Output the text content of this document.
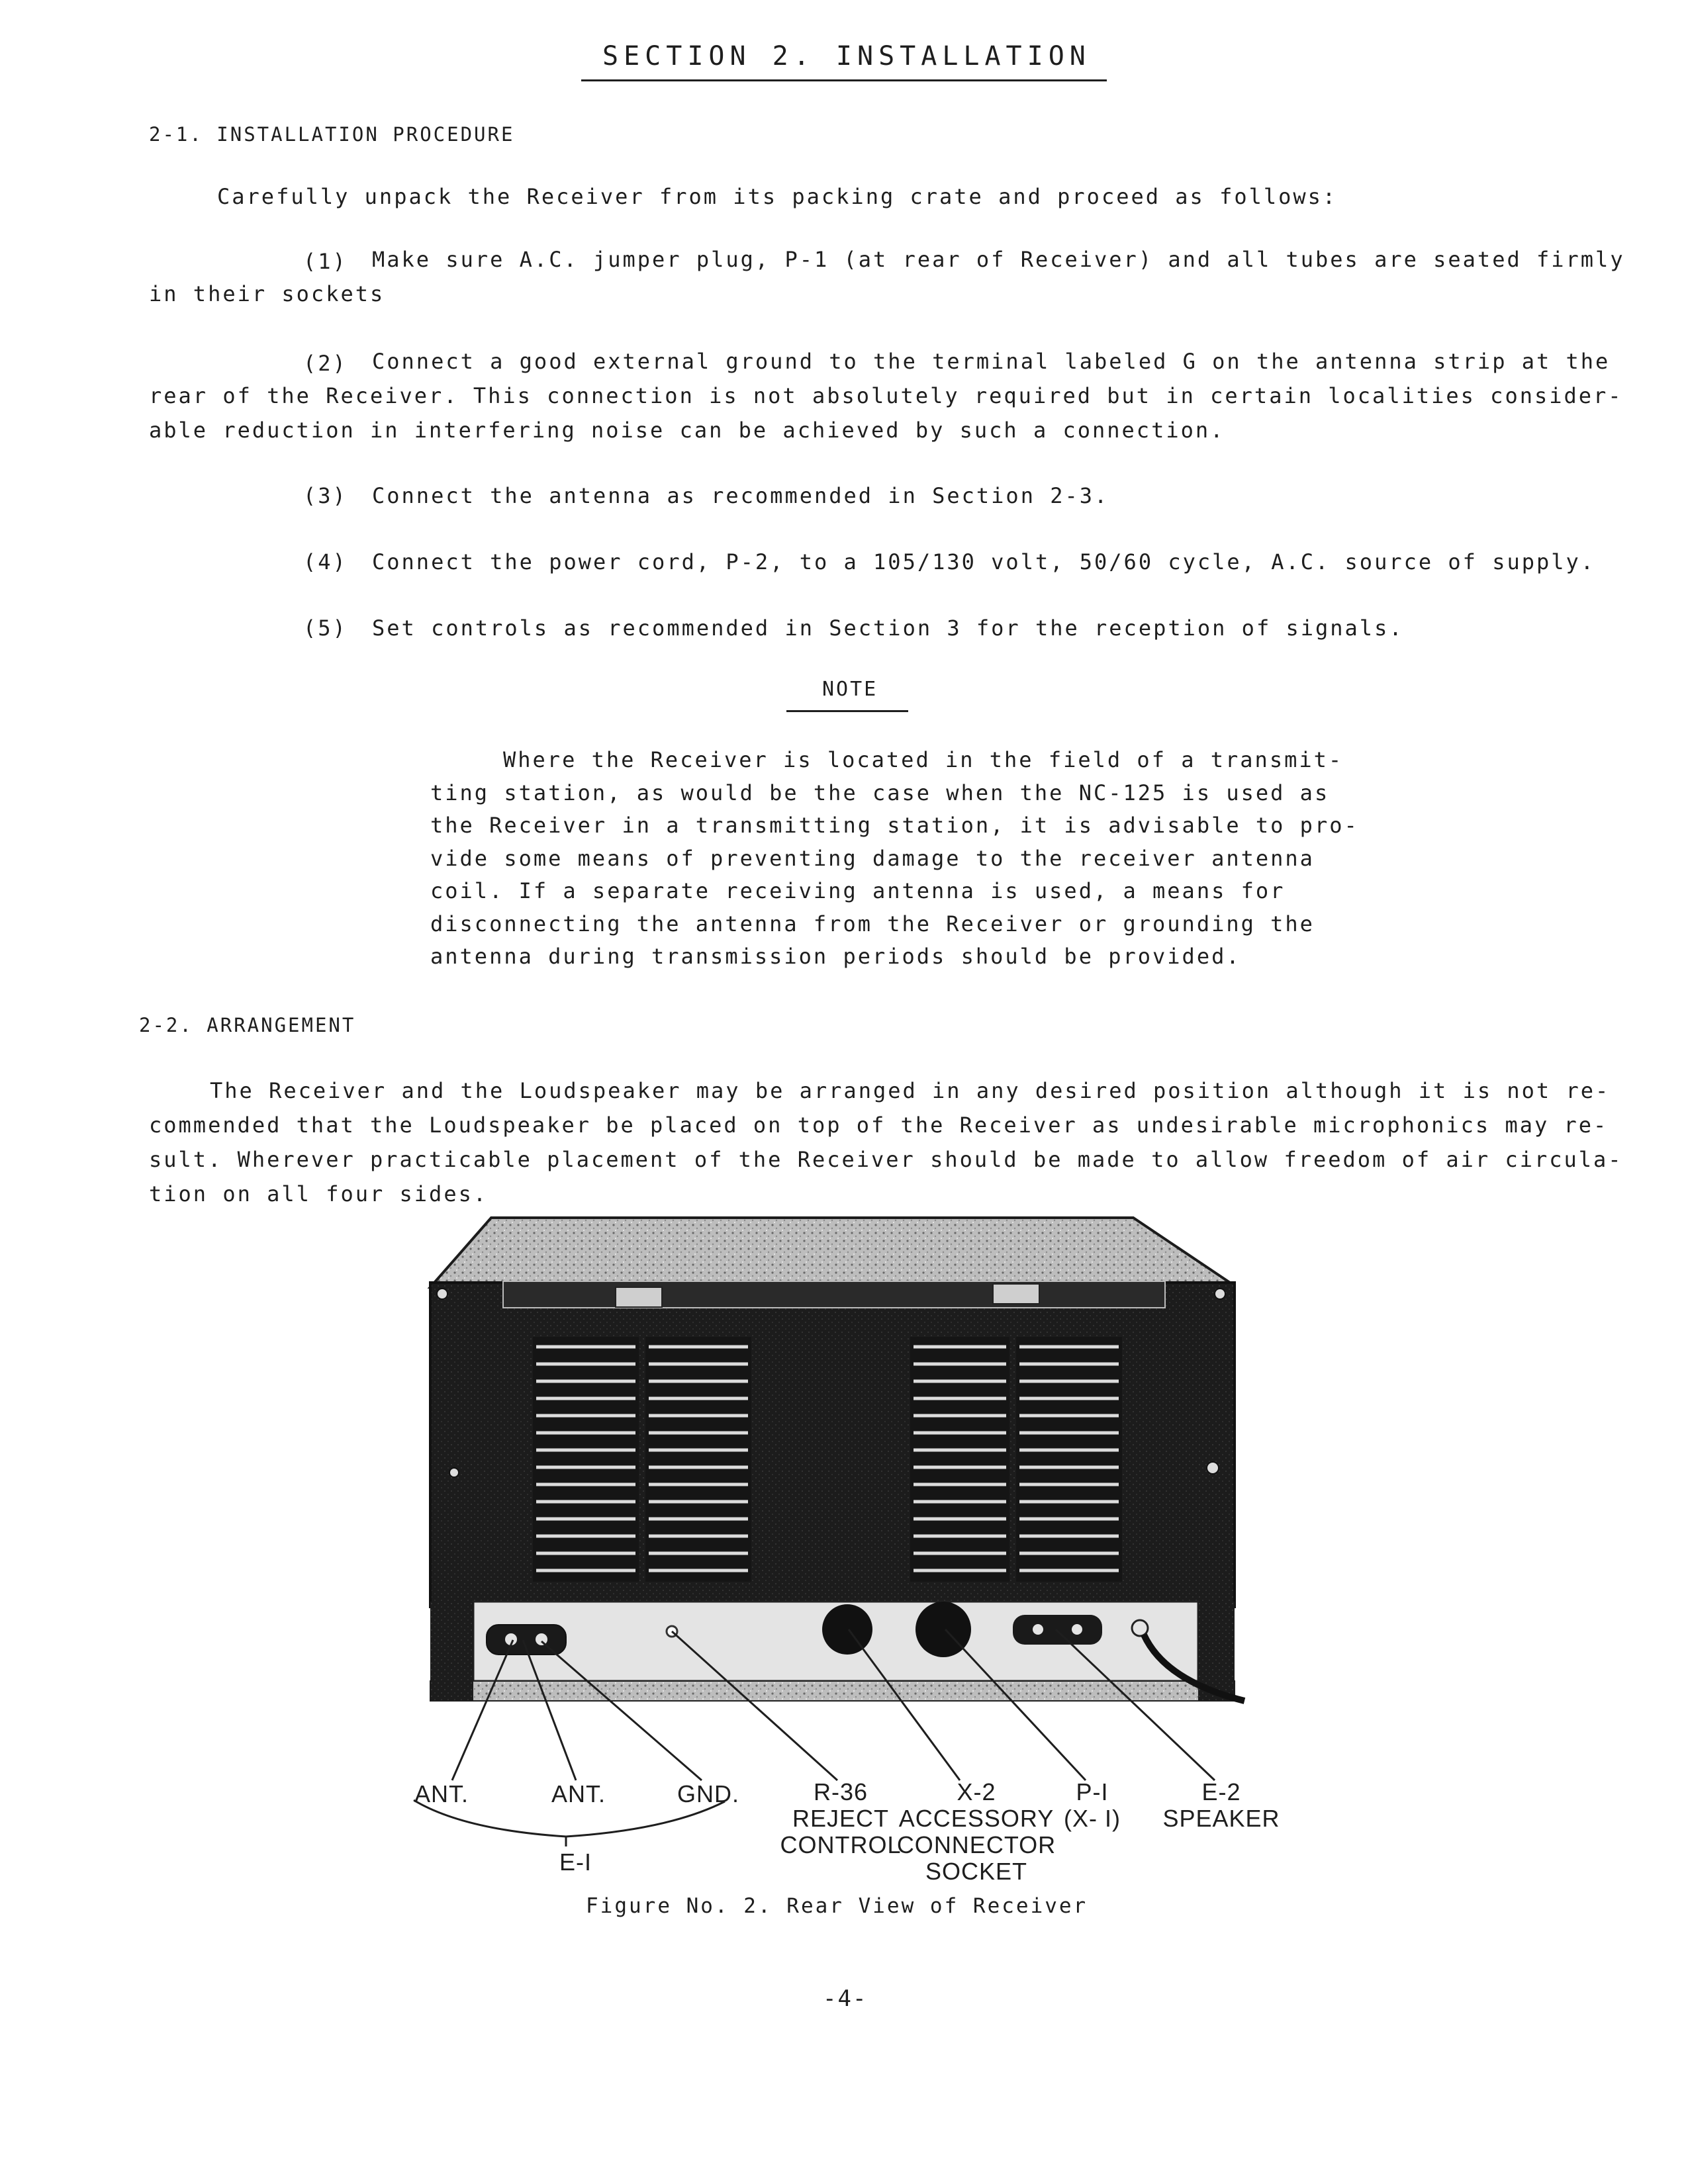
SECTION 2. INSTALLATION
2-1. INSTALLATION PROCEDURE
Carefully unpack the Receiver from its packing crate and proceed as follows:
(1)	Make sure A.C. jumper plug, P-1 (at rear of Receiver) and all tubes are seated firmly
in their sockets
(2)	Connect a good external ground to the terminal labeled G on the antenna strip at the
rear of the Receiver. This connection is not absolutely required but in certain localities consider-
able reduction in interfering noise can be achieved by such a connection.
(3) Connect the antenna as recommended in Section 2-3.
(4) Connect the power cord, P-2, to a 105/130 volt, 50/60 cycle, A.C. source of supply.
(5) Set controls as recommended in Section 3 for the reception of signals.
NOTE
Where the Receiver is located in the field of a transmit-
ting station, as would be the case when the NC-125 is used as
the Receiver in a transmitting station, it is advisable to pro-
vide some means of preventing damage to the receiver antenna
coil. If a separate receiving antenna is used, a means for
disconnecting the antenna from the Receiver or grounding the
antenna during transmission periods should be provided.
2-2. ARRANGEMENT
The Receiver and the Loudspeaker may be arranged in any desired position although it is not re-
commended that the Loudspeaker be placed on top of the Receiver as undesirable microphonics may re-
sult. Wherever practicable placement of the Receiver should be made to allow freedom of air circula-
tion on all four sides.
ANT.	ANT.	GND.
E-I
R-36
REJECT
CONTROL
X-2
ACCESSORY
CONNECTOR
SOCKET
P-I
(X- I)
E-2
SPEAKER
Figure No. 2. Rear View of Receiver
-4-
